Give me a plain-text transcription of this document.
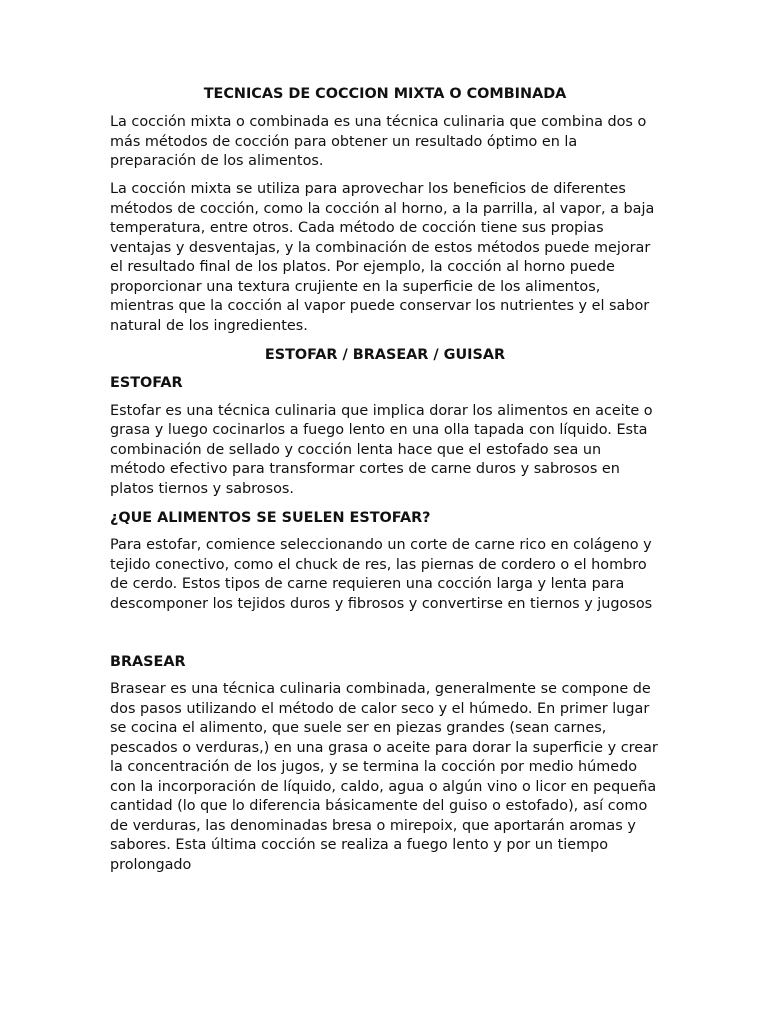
TECNICAS DE COCCION MIXTA O COMBINADA

La cocción mixta o combinada es una técnica culinaria que combina dos o más métodos de cocción para obtener un resultado óptimo en la preparación de los alimentos.

La cocción mixta se utiliza para aprovechar los beneficios de diferentes métodos de cocción, como la cocción al horno, a la parrilla, al vapor, a baja temperatura, entre otros. Cada método de cocción tiene sus propias ventajas y desventajas, y la combinación de estos métodos puede mejorar el resultado final de los platos. Por ejemplo, la cocción al horno puede proporcionar una textura crujiente en la superficie de los alimentos, mientras que la cocción al vapor puede conservar los nutrientes y el sabor natural de los ingredientes.

ESTOFAR / BRASEAR / GUISAR
ESTOFAR

Estofar es una técnica culinaria que implica dorar los alimentos en aceite o grasa y luego cocinarlos a fuego lento en una olla tapada con líquido. Esta combinación de sellado y cocción lenta hace que el estofado sea un método efectivo para transformar cortes de carne duros y sabrosos en platos tiernos y sabrosos.

¿QUE ALIMENTOS SE SUELEN ESTOFAR?

Para estofar, comience seleccionando un corte de carne rico en colágeno y tejido conectivo, como el chuck de res, las piernas de cordero o el hombro de cerdo. Estos tipos de carne requieren una cocción larga y lenta para descomponer los tejidos duros y fibrosos y convertirse en tiernos y jugosos

BRASEAR

Brasear es una técnica culinaria combinada, generalmente se compone de dos pasos utilizando el método de calor seco y el húmedo. En primer lugar se cocina el alimento, que suele ser en piezas grandes (sean carnes, pescados o verduras,) en una grasa o aceite para dorar la superficie y crear la concentración de los jugos, y se termina la cocción por medio húmedo con la incorporación de líquido, caldo, agua o algún vino o licor en pequeña cantidad (lo que lo diferencia básicamente del guiso o estofado), así como de verduras, las denominadas bresa o mirepoix, que aportarán aromas y sabores. Esta última cocción se realiza a fuego lento y por un tiempo prolongado
